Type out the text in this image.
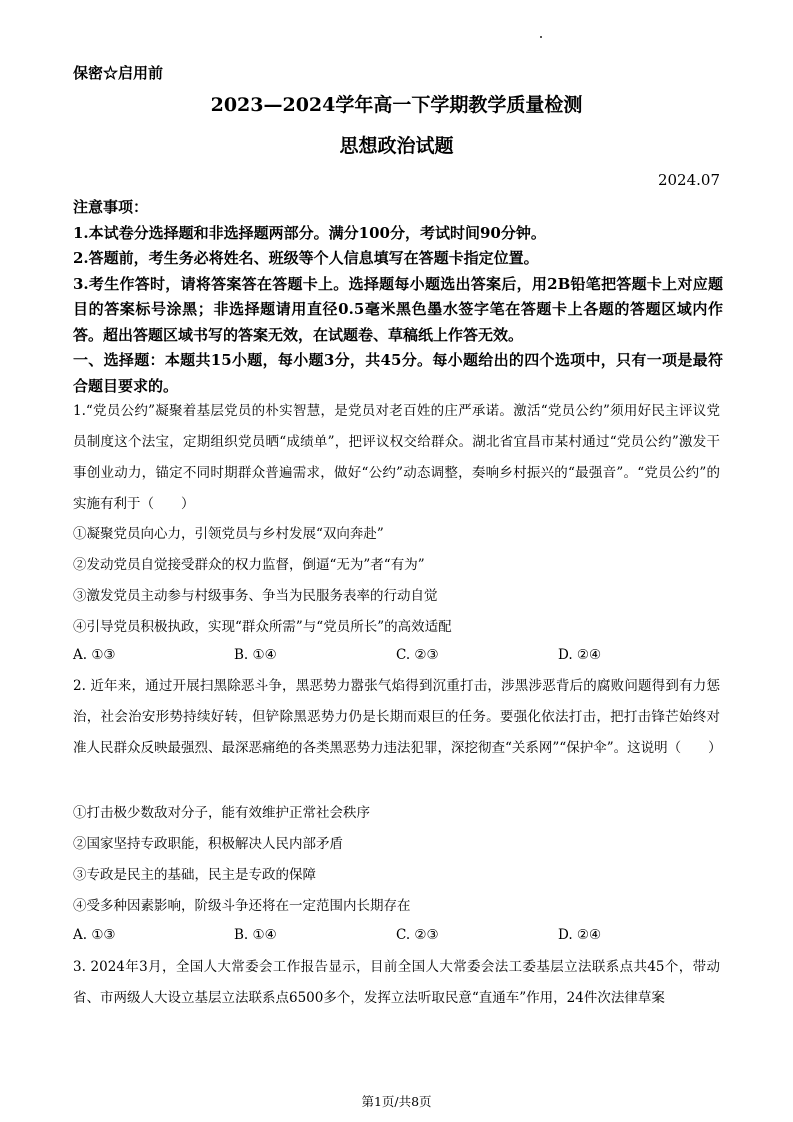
保密☆启用前
2023—2024学年高一下学期教学质量检测
思想政治试题
2024.07
注意事项：
1.本试卷分选择题和非选择题两部分。满分100分，考试时间90分钟。
2.答题前，考生务必将姓名、班级等个人信息填写在答题卡指定位置。
3.考生作答时，请将答案答在答题卡上。选择题每小题选出答案后，用2B铅笔把答题卡上对应题目的答案标号涂黑；非选择题请用直径0.5毫米黑色墨水签字笔在答题卡上各题的答题区域内作答。超出答题区域书写的答案无效，在试题卷、草稿纸上作答无效。
一、选择题：本题共15小题，每小题3分，共45分。每小题给出的四个选项中，只有一项是最符合题目要求的。
1.“党员公约”凝聚着基层党员的朴实智慧，是党员对老百姓的庄严承诺。激活“党员公约”须用好民主评议党员制度这个法宝，定期组织党员晒“成绩单”，把评议权交给群众。湖北省宜昌市某村通过“党员公约”激发干事创业动力，锚定不同时期群众普遍需求，做好“公约”动态调整，奏响乡村振兴的“最强音”。“党员公约”的实施有利于（　　）
①凝聚党员向心力，引领党员与乡村发展“双向奔赴”
②发动党员自觉接受群众的权力监督，倒逼“无为”者“有为”
③激发党员主动参与村级事务、争当为民服务表率的行动自觉
④引导党员积极执政，实现“群众所需”与“党员所长”的高效适配
A. ①③	B. ①④	C. ②③	D. ②④
2. 近年来，通过开展扫黑除恶斗争，黑恶势力嚣张气焰得到沉重打击，涉黑涉恶背后的腐败问题得到有力惩治，社会治安形势持续好转，但铲除黑恶势力仍是长期而艰巨的任务。要强化依法打击，把打击锋芒始终对准人民群众反映最强烈、最深恶痛绝的各类黑恶势力违法犯罪，深挖彻查“关系网”“保护伞”。这说明（　　）
①打击极少数敌对分子，能有效维护正常社会秩序
②国家坚持专政职能，积极解决人民内部矛盾
③专政是民主的基础，民主是专政的保障
④受多种因素影响，阶级斗争还将在一定范围内长期存在
A. ①③	B. ①④	C. ②③	D. ②④
3. 2024年3月，全国人大常委会工作报告显示，目前全国人大常委会法工委基层立法联系点共45个，带动省、市两级人大设立基层立法联系点6500多个，发挥立法听取民意“直通车”作用，24件次法律草案
第1页/共8页
